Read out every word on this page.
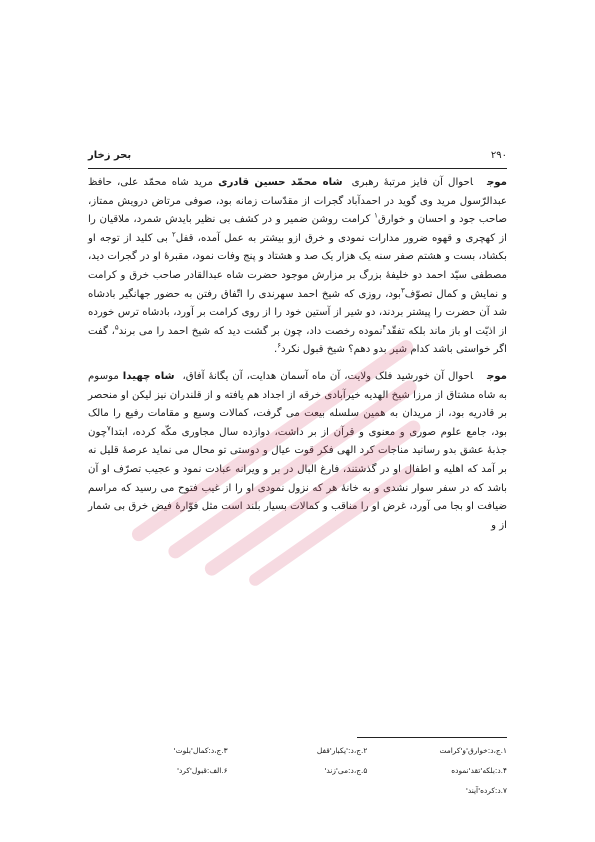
۲۹۰
بحر زخار

موجاحوال آن فایز مرتبهٔ رهبری شاه محمّد حسین قادری مرید شاه محمّد علی، حافظ عبدالرّسول مرید وی گوید در احمدآباد گجرات از مقدّسات زمانه بود، صوفی مرتاض درویش ممتاز، صاحب جود و احسان و خوارق$^۱$ کرامت روشن ضمیر و در کشف بی نظیر بایدش شمرد، ملاقیان را از کهچری و قهوه ضرور مدارات نمودی و خرق ازو بیشتر به عمل آمده، قفل$^۲$ بی کلید از توجه او بکشاد، بست و هشتم صفر سنه یک هزار یک صد و هشتاد و پنج وفات نمود، مقبرهٔ او در گجرات دید، مصطفی سیّد احمد دو خلیفهٔ بزرگ بر مزارش موجود حضرت شاه عبدالقادر صاحب خرق و کرامت و نمایش و کمال تصوّف$^۳$بود، روزی که شیخ احمد سهرندی را اتّفاق رفتن به حضور جهانگیر بادشاه شد آن حضرت را پیشتر بردند، دو شیر از آستین خود را از روی کرامت بر آورد، بادشاه ترس خورده از اذیّت او باز ماند بلکه تفقّد$^۴$نموده رخصت داد، چون بر گشت دید که شیخ احمد را می برند$^۵$، گفت اگر خواستی باشد کدام شیر بدو دهم؟ شیخ قبول نکرد$^۶$.

موجاحوال آن خورشید فلک ولایت، آن ماه آسمان هدایت، آن یگانهٔ آفاق، شاه چهیدا موسوم به شاه مشتاق از مرزا شیخ الهدیه خیرآبادی خرقه از اجداد هم یافته و از قلندران نیز لیکن او منحصر بر قادریه بود، از مریدان به همین سلسله بیعت می گرفت، کمالات وسیع و مقامات رفیع را مالک بود، جامع علوم صوری و معنوی و قرآن از بر داشت، دوازده سال مجاوری مکّه کرده، ابتدا$^۷$چون جذبهٔ عشق بدو رسانید مناجات کرد الهی فکر قوت عیال و دوستی تو محال می نماید عرصهٔ قلیل نه بر آمد که اهلیه و اطفال او در گذشتند، فارغ البال در بر و ویرانه عبادت نمود و عجیب تصرّف او آن باشد که در سفر سوار نشدی و به خانهٔ هر که نزول نمودی او را از غیب فتوح می رسید که مراسم ضیافت او بجا می آورد، غرض او را مناقب و کمالات بسیار بلند است مثل فوّارهٔ فیض خرق بی شمار از و

۱.ج،د:خوارق‌'و'کرامت
۲.ج،د:'یکبار'قفل
۳.ج،د:کمال‌'بلوت'
۴.د:بلکه'تقد'نموده
۵.ج،د:می'زند'
۶.الف:قبول'کرد'
۷.د:کرده'آیند'
